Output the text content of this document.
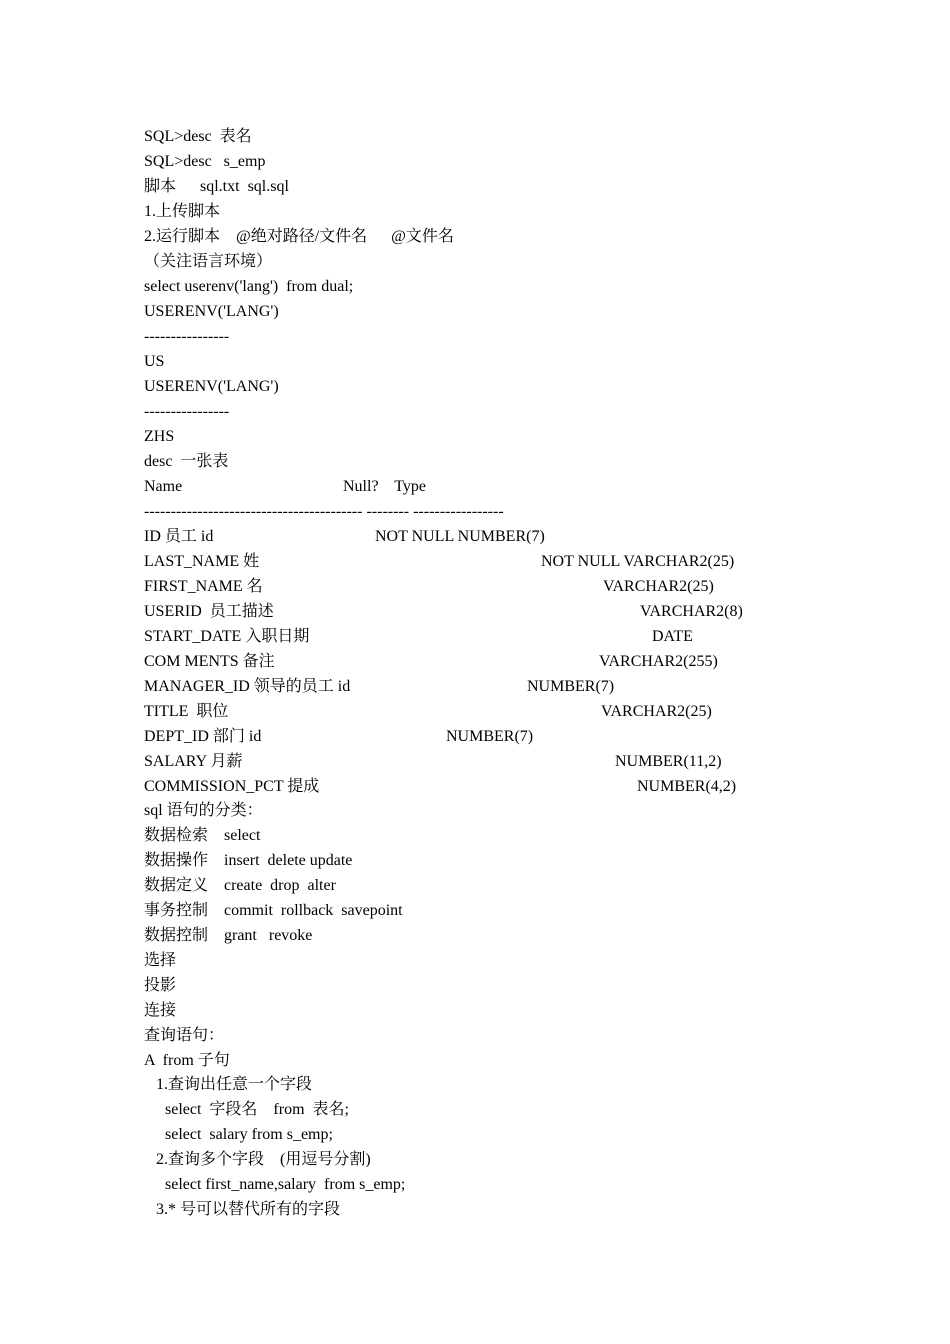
SQL>desc  表名
SQL>desc   s_emp
脚本      sql.txt  sql.sql
1.上传脚本
2.运行脚本    @绝对路径/文件名      @文件名
（关注语言环境）
select userenv('lang')  from dual;
USERENV('LANG')
----------------
US
USERENV('LANG')
----------------
ZHS
desc  一张表
Name	Null?    Type
----------------------------------------- -------- -----------------
ID 员工 id
LAST_NAME 姓
FIRST_NAME 名
USERID  员工描述
START_DATE 入职日期
COM MENTS 备注
MANAGER_ID 领导的员工 id
TITLE  职位
DEPT_ID 部门 id
SALARY 月薪
COMMISSION_PCT 提成
NOT NULL NUMBER(7)
NOT NULL VARCHAR2(25)
VARCHAR2(25)
VARCHAR2(8)
DATE
VARCHAR2(255)
NUMBER(7)
VARCHAR2(25)
NUMBER(7)
NUMBER(11,2)
NUMBER(4,2)
sql 语句的分类：
数据检索    select
数据操作    insert  delete update
数据定义    create  drop  alter
事务控制    commit  rollback  savepoint
数据控制    grant   revoke
选择
投影
连接
查询语句：
A  from 子句
1.查询出任意一个字段
select  字段名    from  表名;
select  salary from s_emp;
2.查询多个字段    (用逗号分割)
select first_name,salary  from s_emp;
3.* 号可以替代所有的字段
